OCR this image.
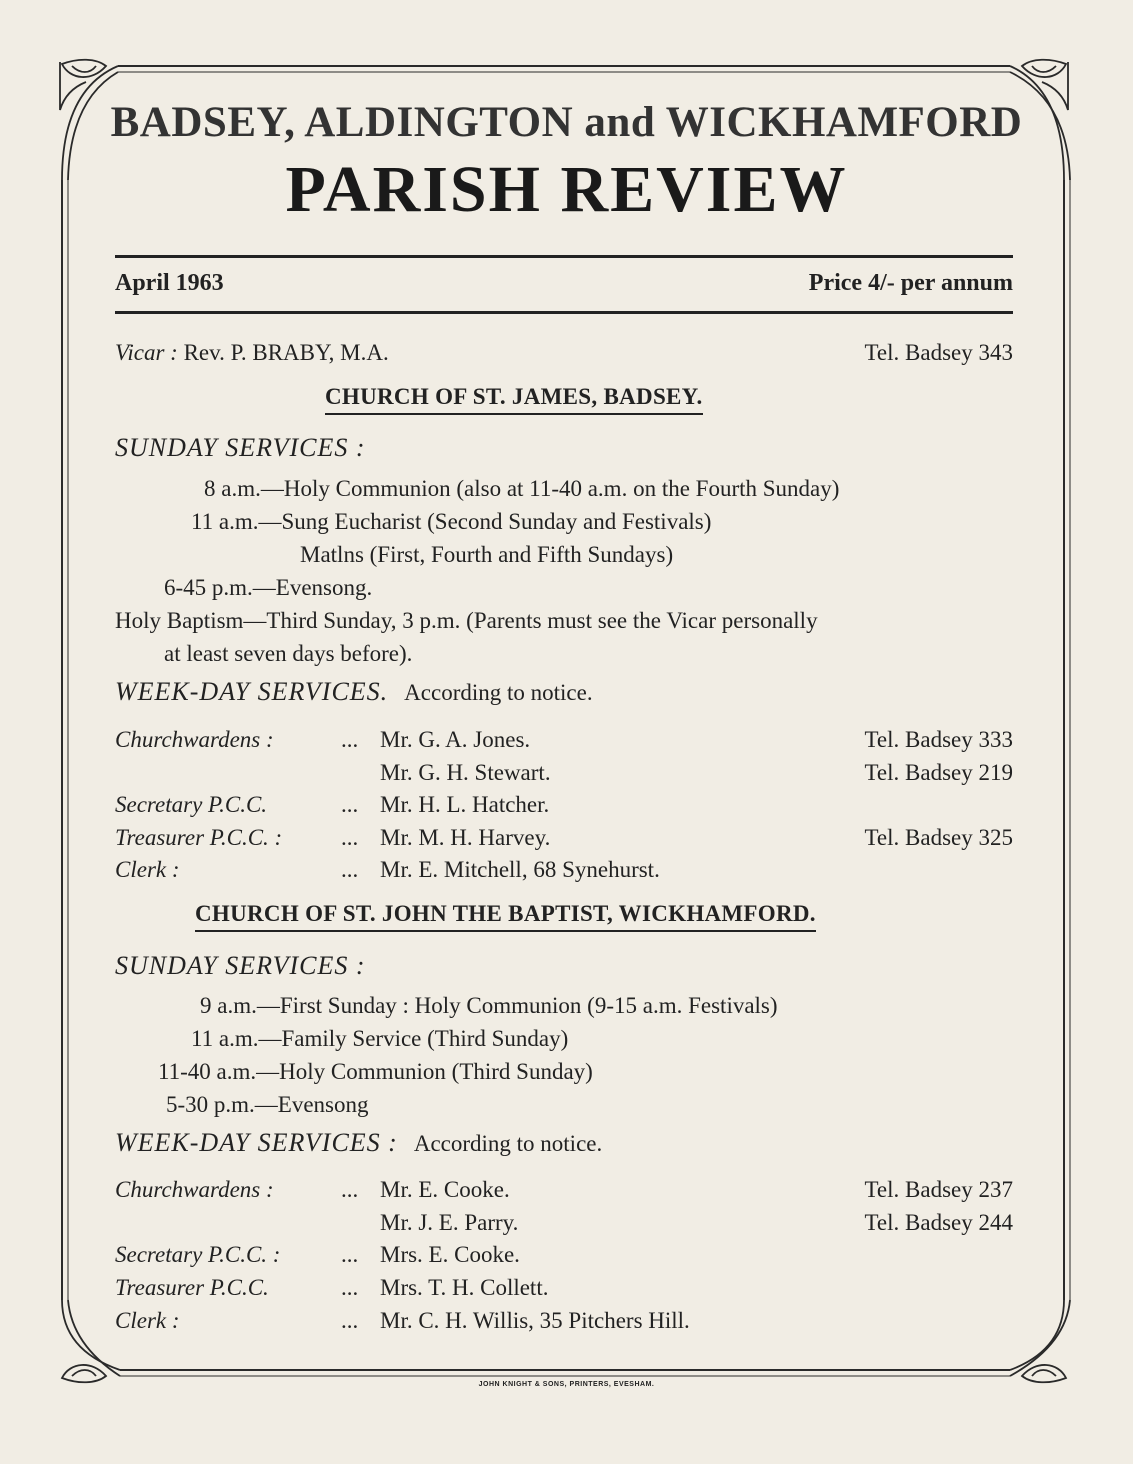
BADSEY, ALDINGTON and WICKHAMFORD
PARISH REVIEW
April 1963	Price 4/- per annum
Vicar : Rev. P. BRABY, M.A.	Tel. Badsey 343
CHURCH OF ST. JAMES, BADSEY.
SUNDAY SERVICES :
8 a.m.—Holy Communion (also at 11-40 a.m. on the Fourth Sunday)
11 a.m.—Sung Eucharist (Second Sunday and Festivals)
Matlns (First, Fourth and Fifth Sundays)
6-45 p.m.—Evensong.
Holy Baptism—Third Sunday, 3 p.m. (Parents must see the Vicar personally
at least seven days before).
WEEK-DAY SERVICES. According to notice.
Churchwardens :	... Mr. G. A. Jones.	Tel. Badsey 333
Mr. G. H. Stewart.	Tel. Badsey 219
Secretary P.C.C.	... Mr. H. L. Hatcher.
Treasurer P.C.C. :	... Mr. M. H. Harvey.	Tel. Badsey 325
Clerk :	... Mr. E. Mitchell, 68 Synehurst.
CHURCH OF ST. JOHN THE BAPTIST, WICKHAMFORD.
SUNDAY SERVICES :
9 a.m.—First Sunday : Holy Communion (9-15 a.m. Festivals)
11 a.m.—Family Service (Third Sunday)
11-40 a.m.—Holy Communion (Third Sunday)
5-30 p.m.—Evensong
WEEK-DAY SERVICES : According to notice.
Churchwardens :	... Mr. E. Cooke.	Tel. Badsey 237
Mr. J. E. Parry.	Tel. Badsey 244
Secretary P.C.C. :	... Mrs. E. Cooke.
Treasurer P.C.C.	... Mrs. T. H. Collett.
Clerk :	... Mr. C. H. Willis, 35 Pitchers Hill.
JOHN KNIGHT & SONS, PRINTERS, EVESHAM.
